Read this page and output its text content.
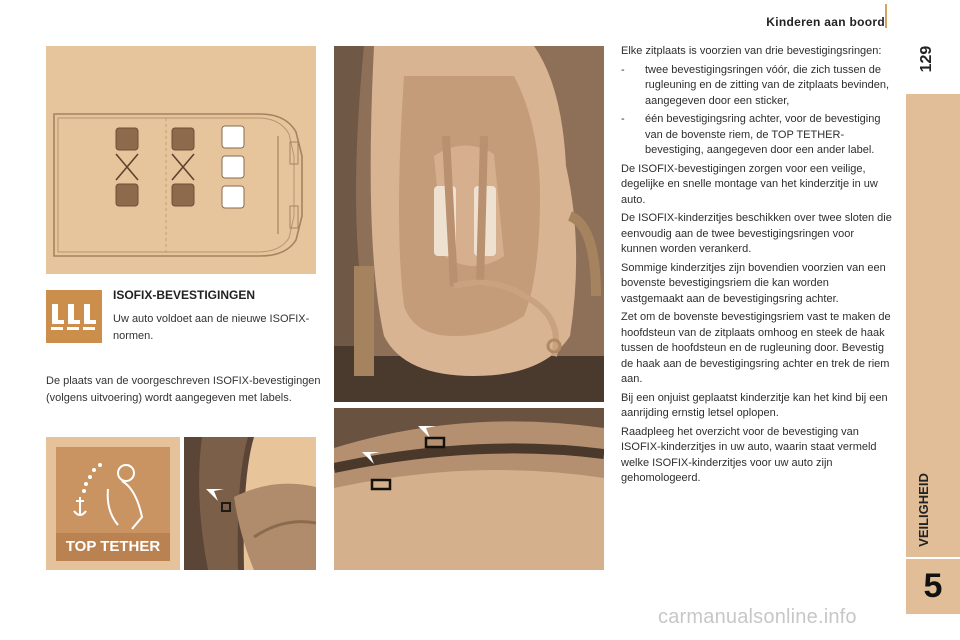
Kinderen aan boord
129
VEILIGHEID
5
ISOFIX-BEVESTIGINGEN
Uw auto voldoet aan de nieuwe ISOFIX-normen.
De plaats van de voorgeschreven ISOFIX-bevestigingen (volgens uitvoering) wordt aangegeven met labels.
TOP TETHER

Elke zitplaats is voorzien van drie bevestigingsringen:

-	twee bevestigingsringen vóór, die zich tussen de rugleuning en de zitting van de zitplaats bevinden, aangegeven door een sticker,
-	één bevestigingsring achter, voor de bevestiging van de bovenste riem, de TOP TETHER-bevestiging, aangegeven door een ander label.

De ISOFIX-bevestigingen zorgen voor een veilige, degelijke en snelle montage van het kinderzitje in uw auto.

De ISOFIX-kinderzitjes beschikken over twee sloten die eenvoudig aan de twee bevestigingsringen voor kunnen worden verankerd.

Sommige kinderzitjes zijn bovendien voorzien van een bovenste bevestigingsriem die kan worden vastgemaakt aan de bevestigingsring achter.

Zet om de bovenste bevestigingsriem vast te maken de hoofdsteun van de zitplaats omhoog en steek de haak tussen de hoofdsteun en de rugleuning door. Bevestig de haak aan de bevestigingsring achter en trek de riem aan.

Bij een onjuist geplaatst kinderzitje kan het kind bij een aanrijding ernstig letsel oplopen.

Raadpleeg het overzicht voor de bevestiging van ISOFIX-kinderzitjes in uw auto, waarin staat vermeld welke ISOFIX-kinderzitjes voor uw auto zijn gehomologeerd.

carmanualsonline.info
